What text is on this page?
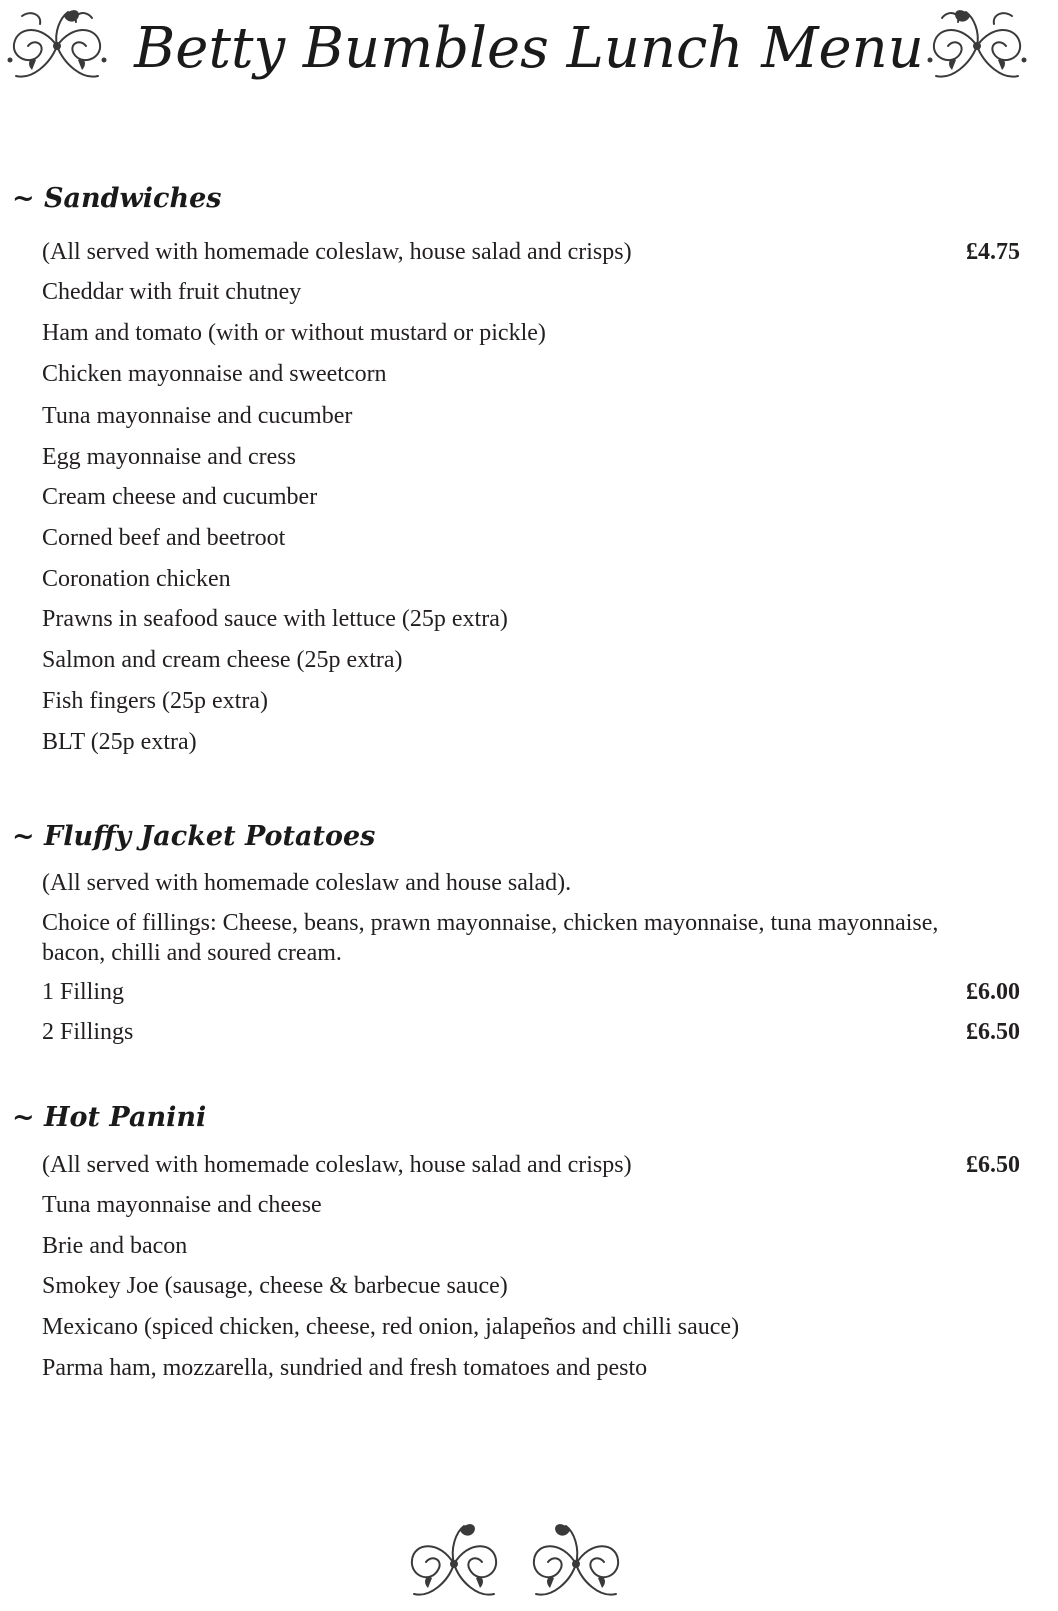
Betty Bumbles Lunch Menu
~ Sandwiches
(All served with homemade coleslaw, house salad and crisps)	£4.75
Cheddar with fruit chutney
Ham and tomato (with or without mustard or pickle)
Chicken mayonnaise and sweetcorn
Tuna mayonnaise and cucumber
Egg mayonnaise and cress
Cream cheese and cucumber
Corned beef and beetroot
Coronation chicken
Prawns in seafood sauce with lettuce (25p extra)
Salmon and cream cheese (25p extra)
Fish fingers (25p extra)
BLT (25p extra)
~ Fluffy Jacket Potatoes
(All served with homemade coleslaw and house salad).
Choice of fillings: Cheese, beans, prawn mayonnaise, chicken mayonnaise, tuna mayonnaise, bacon, chilli and soured cream.
1 Filling	£6.00
2 Fillings	£6.50
~ Hot Panini
(All served with homemade coleslaw, house salad and crisps)	£6.50
Tuna mayonnaise and cheese
Brie and bacon
Smokey Joe (sausage, cheese & barbecue sauce)
Mexicano (spiced chicken, cheese, red onion, jalapeños and chilli sauce)
Parma ham, mozzarella, sundried and fresh tomatoes and pesto
